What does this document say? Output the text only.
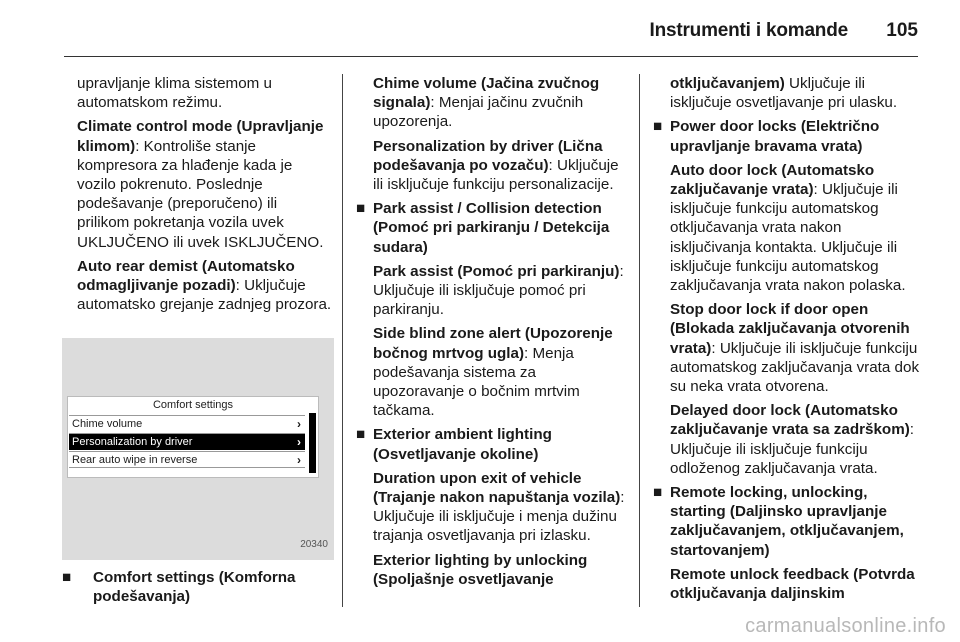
Instrumenti i komande 105

upravljanje klima sistemom u automatskom režimu.

Climate control mode (Upravljanje klimom): Kontroliše stanje kompresora za hlađenje kada je vozilo pokrenuto. Poslednje podešavanje (preporučeno) ili prilikom pokretanja vozila uvek UKLJUČENO ili uvek ISKLJUČENO.

Auto rear demist (Automatsko odmagljivanje pozadi): Uključuje automatsko grejanje zadnjeg prozora.

Comfort settings
Chime volume	›
Personalization by driver	›
Rear auto wipe in reverse	›
20340
■	Comfort settings (Komforna podešavanja)

Chime volume (Jačina zvučnog signala): Menjai jačinu zvučnih upozorenja.

Personalization by driver (Lična podešavanja po vozaču): Uključuje ili isključuje funkciju personalizacije.

■ Park assist / Collision detection (Pomoć pri parkiranju / Detekcija sudara)

Park assist (Pomoć pri parkiranju): Uključuje ili isključuje pomoć pri parkiranju.

Side blind zone alert (Upozorenje bočnog mrtvog ugla): Menja podešavanja sistema za upozoravanje o bočnim mrtvim tačkama.

■ Exterior ambient lighting (Osvetljavanje okoline)

Duration upon exit of vehicle (Trajanje nakon napuštanja vozila): Uključuje ili isključuje i menja dužinu trajanja osvetljavanja pri izlasku.

Exterior lighting by unlocking (Spoljašnje osvetljavanje

otključavanjem) Uključuje ili isključuje osvetljavanje pri ulasku.

■ Power door locks (Električno upravljanje bravama vrata)

Auto door lock (Automatsko zaključavanje vrata): Uključuje ili isključuje funkciju automatskog otključavanja vrata nakon isključivanja kontakta. Uključuje ili isključuje funkciju automatskog zaključavanja vrata nakon polaska.

Stop door lock if door open (Blokada zaključavanja otvorenih vrata): Uključuje ili isključuje funkciju automatskog zaključavanja vrata dok su neka vrata otvorena.

Delayed door lock (Automatsko zaključavanje vrata sa zadrškom): Uključuje ili isključuje funkciju odloženog zaključavanja vrata.

■ Remote locking, unlocking, starting (Daljinsko upravljanje zaključavanjem, otključavanjem, startovanjem)

Remote unlock feedback (Potvrda otključavanja daljinskim

carmanualsonline.info
